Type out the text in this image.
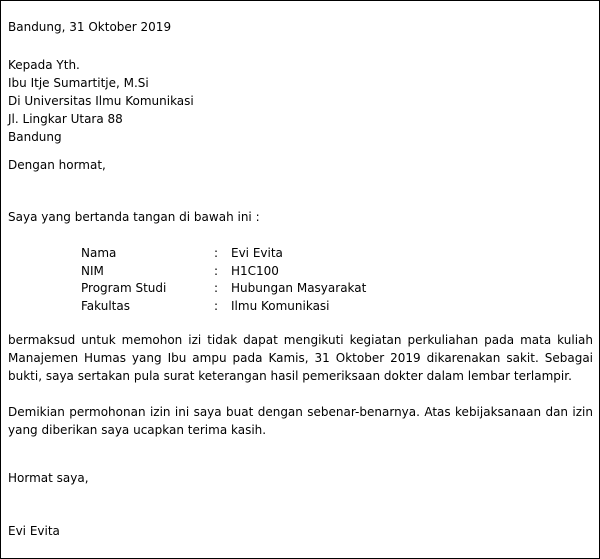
Bandung, 31 Oktober 2019
Kepada Yth.
Ibu Itje Sumartitje, M.Si
Di Universitas Ilmu Komunikasi
Jl. Lingkar Utara 88
Bandung
Dengan hormat,
Saya yang bertanda tangan di bawah ini :
Nama	:	Evi Evita
NIM	:	H1C100
Program Studi	:	Hubungan Masyarakat
Fakultas	:	Ilmu Komunikasi

bermaksud untuk memohon izi tidak dapat mengikuti kegiatan perkuliahan pada mata kuliah Manajemen Humas yang Ibu ampu pada Kamis, 31 Oktober 2019 dikarenakan sakit. Sebagai bukti, saya sertakan pula surat keterangan hasil pemeriksaan dokter dalam lembar terlampir.

Demikian permohonan izin ini saya buat dengan sebenar-benarnya. Atas kebijaksanaan dan izin yang diberikan saya ucapkan terima kasih.

Hormat saya,
Evi Evita
